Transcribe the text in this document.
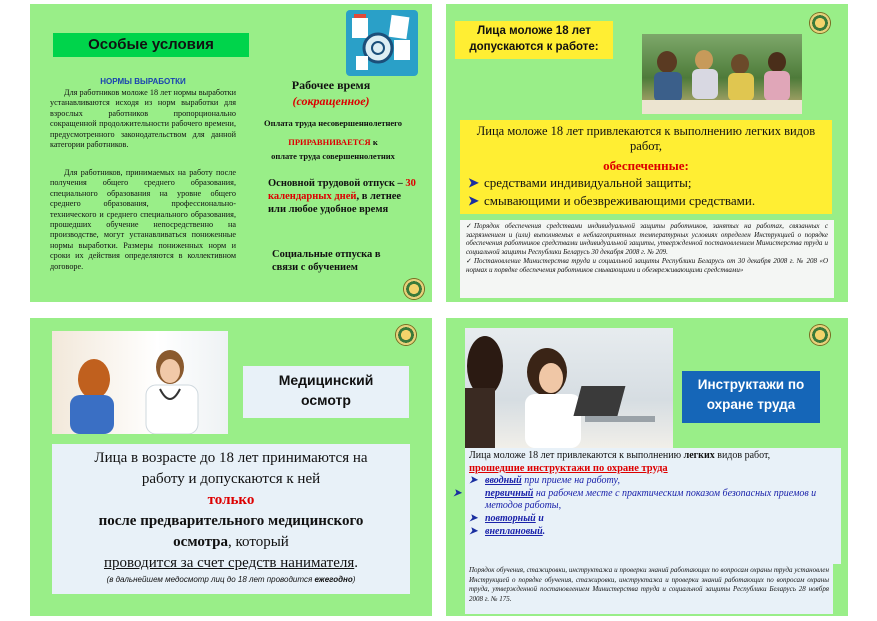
Особые условия
НОРМЫ ВЫРАБОТКИ
Для работников моложе 18 лет нормы выработки устанавливаются исходя из норм выработки для взрослых работников пропорционально сокращенной продолжительности рабочего времени, предусмотренного законодательством для данной категории работников.
Для работников, принимаемых на работу после получения общего среднего образования, специального образования на уровне общего среднего образования, профессионально-технического и среднего специального образования, прошедших обучение непосредственно на производстве, могут устанавливаться пониженные нормы выработки. Размеры пониженных норм и сроки их действия определяются в коллективном договоре.
Рабочее время
(сокращенное)
Оплата труда несовершеннолетнего
ПРИРАВНИВАЕТСЯ к
оплате труда совершеннолетних
Основной трудовой отпуск – 30 календарных дней, в летнее или любое удобное время
Социальные отпуска в связи с обучением
Лица моложе 18 лет
допускаются к работе:
Лица моложе 18 лет привлекаются к выполнению легких видов работ,
обеспеченные:
➤ средствами индивидуальной защиты;
➤ смывающими и обезвреживающими средствами.
✓ Порядок обеспечения средствами индивидуальной защиты работников, занятых на работах, связанных с загрязнением и (или) выполняемых в неблагоприятных температурных условиях определен Инструкцией о порядке обеспечения работников средствами индивидуальной защиты, утвержденной постановлением Министерства труда и социальной защиты Республики Беларусь 30 декабря 2008 г. № 209.
✓ Постановление Министерства труда и социальной защиты Республики Беларусь от 30 декабря 2008 г. № 208 «О нормах и порядке обеспечения работников смывающими и обезвреживающими средствами»
Медицинский
осмотр
Лица в возрасте до 18 лет принимаются на
работу и допускаются к ней
только
после предварительного медицинского
осмотра, который
проводится за счет средств нанимателя.
(в дальнейшем медосмотр лиц до 18 лет проводится ежегодно)
Инструктажи по
охране труда
Лица моложе 18 лет привлекаются к выполнению легких видов работ,
прошедшие инструктажи по охране труда
➤ вводный при приеме на работу,
➤ первичный на рабочем месте с практическим показом безопасных приемов и методов работы,
➤ повторный и
➤ внеплановый.
Порядок обучения, стажировки, инструктажа и проверки знаний работающих по вопросам охраны труда установлен Инструкцией о порядке обучения, стажировки, инструктажа и проверки знаний работающих по вопросам охраны труда, утвержденной постановлением Министерства труда и социальной защиты Республики Беларусь 28 ноября 2008 г. № 175.
